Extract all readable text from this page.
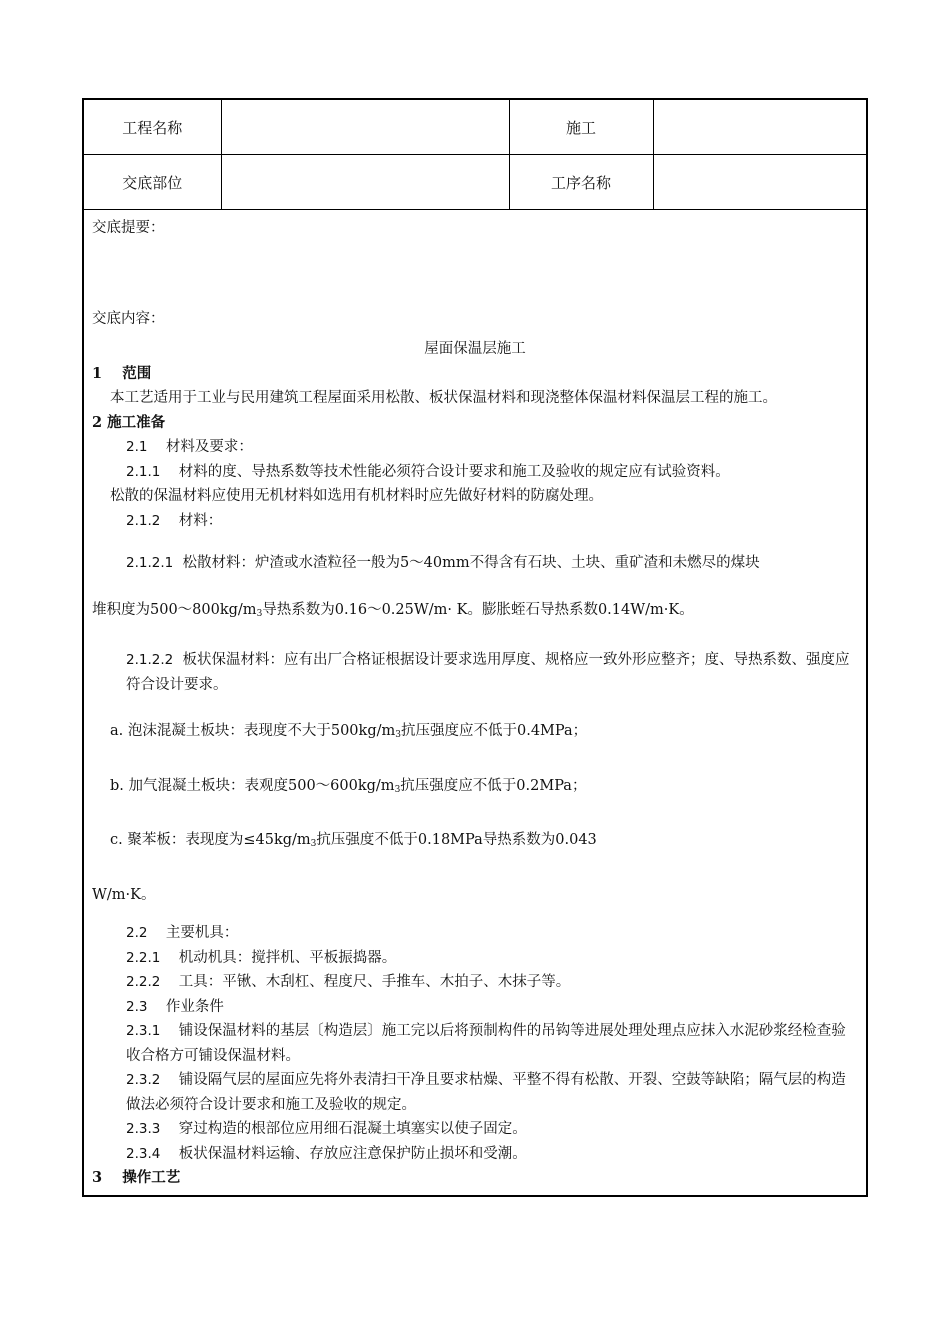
工程名称		施工	
交底部位		工序名称	

交底提要：

交底内容：

屋面保温层施工

1 范围

本工艺适用于工业与民用建筑工程屋面采用松散、板状保温材料和现浇整体保温材料保温层工程的施工。

2 施工准备

2.1 材料及要求：

2.1.1 材料的度、导热系数等技术性能必须符合设计要求和施工及验收的规定应有试验资料。

松散的保温材料应使用无机材料如选用有机材料时应先做好材料的防腐处理。

2.1.2 材料：

2.1.2.1 松散材料：炉渣或水渣粒径一般为5～40mm不得含有石块、土块、重矿渣和未燃尽的煤块

堆积度为$500\sim 800kg/m_3$导热系数为0.16～0.25W/m· K。膨胀蛭石导热系数0.14W/m·K。

2.1.2.2 板状保温材料：应有出厂合格证根据设计要求选用厚度、规格应一致外形应整齐；度、导热系数、强度应符合设计要求。

a. 泡沫混凝土板块：表现度不大于$500kg/m_3$抗压强度应不低于0.4MPa；

b. 加气混凝土板块：表观度$500\sim 600kg/m_3$抗压强度应不低于0.2MPa；

c. 聚苯板：表现度为$\le 45kg/m_3$抗压强度不低于0.18MPa导热系数为0.043

W/m·K。

2.2 主要机具：

2.2.1 机动机具：搅拌机、平板振捣器。

2.2.2 工具：平锹、木刮杠、程度尺、手推车、木拍子、木抹子等。

2.3 作业条件

2.3.1 铺设保温材料的基层〔构造层〕施工完以后将预制构件的吊钩等进展处理处理点应抹入水泥砂浆经检查验收合格方可铺设保温材料。

2.3.2 铺设隔气层的屋面应先将外表清扫干净且要求枯燥、平整不得有松散、开裂、空鼓等缺陷；隔气层的构造做法必须符合设计要求和施工及验收的规定。

2.3.3 穿过构造的根部位应用细石混凝土填塞实以使子固定。

2.3.4 板状保温材料运输、存放应注意保护防止损坏和受潮。

3 操作工艺
